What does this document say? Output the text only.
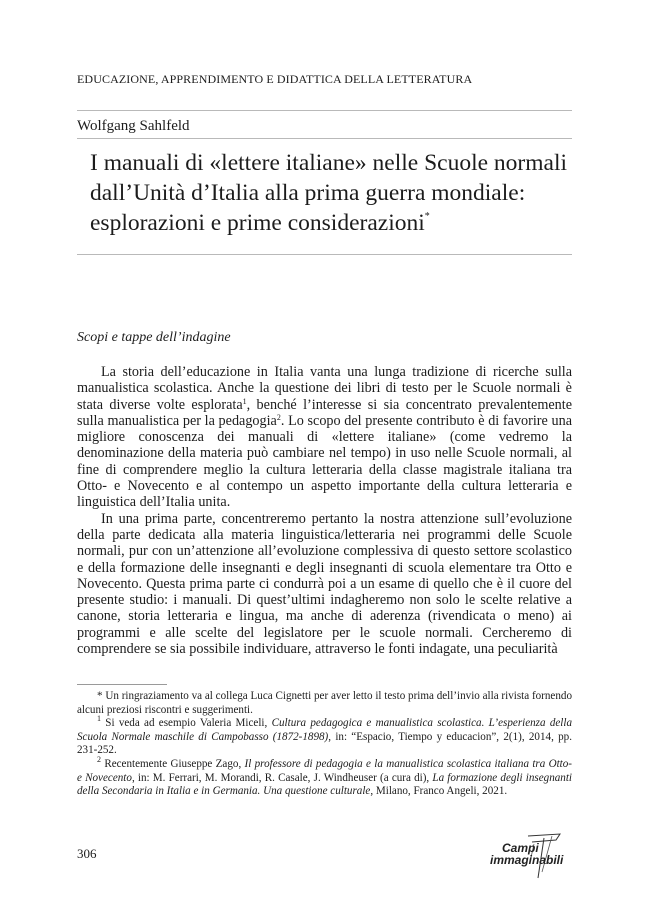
EDUCAZIONE, APPRENDIMENTO E DIDATTICA DELLA LETTERATURA
Wolfgang Sahlfeld
I manuali di «lettere italiane» nelle Scuole normali dall’Unità d’Italia alla prima guerra mondiale: esplorazioni e prime considerazioni*
Scopi e tappe dell’indagine

La storia dell’educazione in Italia vanta una lunga tradizione di ricerche sulla manualistica scolastica. Anche la questione dei libri di testo per le Scuole normali è stata diverse volte esplorata$^1$, benché l’interesse si sia concentrato prevalentemente sulla manualistica per la pedagogia$^2$. Lo scopo del presente contributo è di favorire una migliore conoscenza dei manuali di «lettere italiane» (come vedremo la denominazione della materia può cambiare nel tempo) in uso nelle Scuole normali, al fine di comprendere meglio la cultura letteraria della classe magistrale italiana tra Otto- e Novecento e al contempo un aspetto importante della cultura letteraria e linguistica dell’Italia unita.

In una prima parte, concentreremo pertanto la nostra attenzione sull’evoluzione della parte dedicata alla materia linguistica/letteraria nei programmi delle Scuole normali, pur con un’attenzione all’evoluzione complessiva di questo settore scolastico e della formazione delle insegnanti e degli insegnanti di scuola elementare tra Otto e Novecento. Questa prima parte ci condurrà poi a un esame di quello che è il cuore del presente studio: i manuali. Di quest’ultimi indagheremo non solo le scelte relative a canone, storia letteraria e lingua, ma anche di aderenza (rivendicata o meno) ai programmi e alle scelte del legislatore per le scuole normali. Cercheremo di comprendere se sia possibile individuare, attraverso le fonti indagate, una peculiarità

* Un ringraziamento va al collega Luca Cignetti per aver letto il testo prima dell’invio alla rivista fornendo alcuni preziosi riscontri e suggerimenti.

$^1$ Si veda ad esempio Valeria Miceli, Cultura pedagogica e manualistica scolastica. L’esperienza della Scuola Normale maschile di Campobasso (1872-1898), in: “Espacio, Tiempo y educacion”, 2(1), 2014, pp. 231-252.

$^2$ Recentemente Giuseppe Zago, Il professore di pedagogia e la manualistica scolastica italiana tra Otto- e Novecento, in: M. Ferrari, M. Morandi, R. Casale, J. Windheuser (a cura di), La formazione degli insegnanti della Secondaria in Italia e in Germania. Una questione culturale, Milano, Franco Angeli, 2021.

306	Campi
immaginabili
